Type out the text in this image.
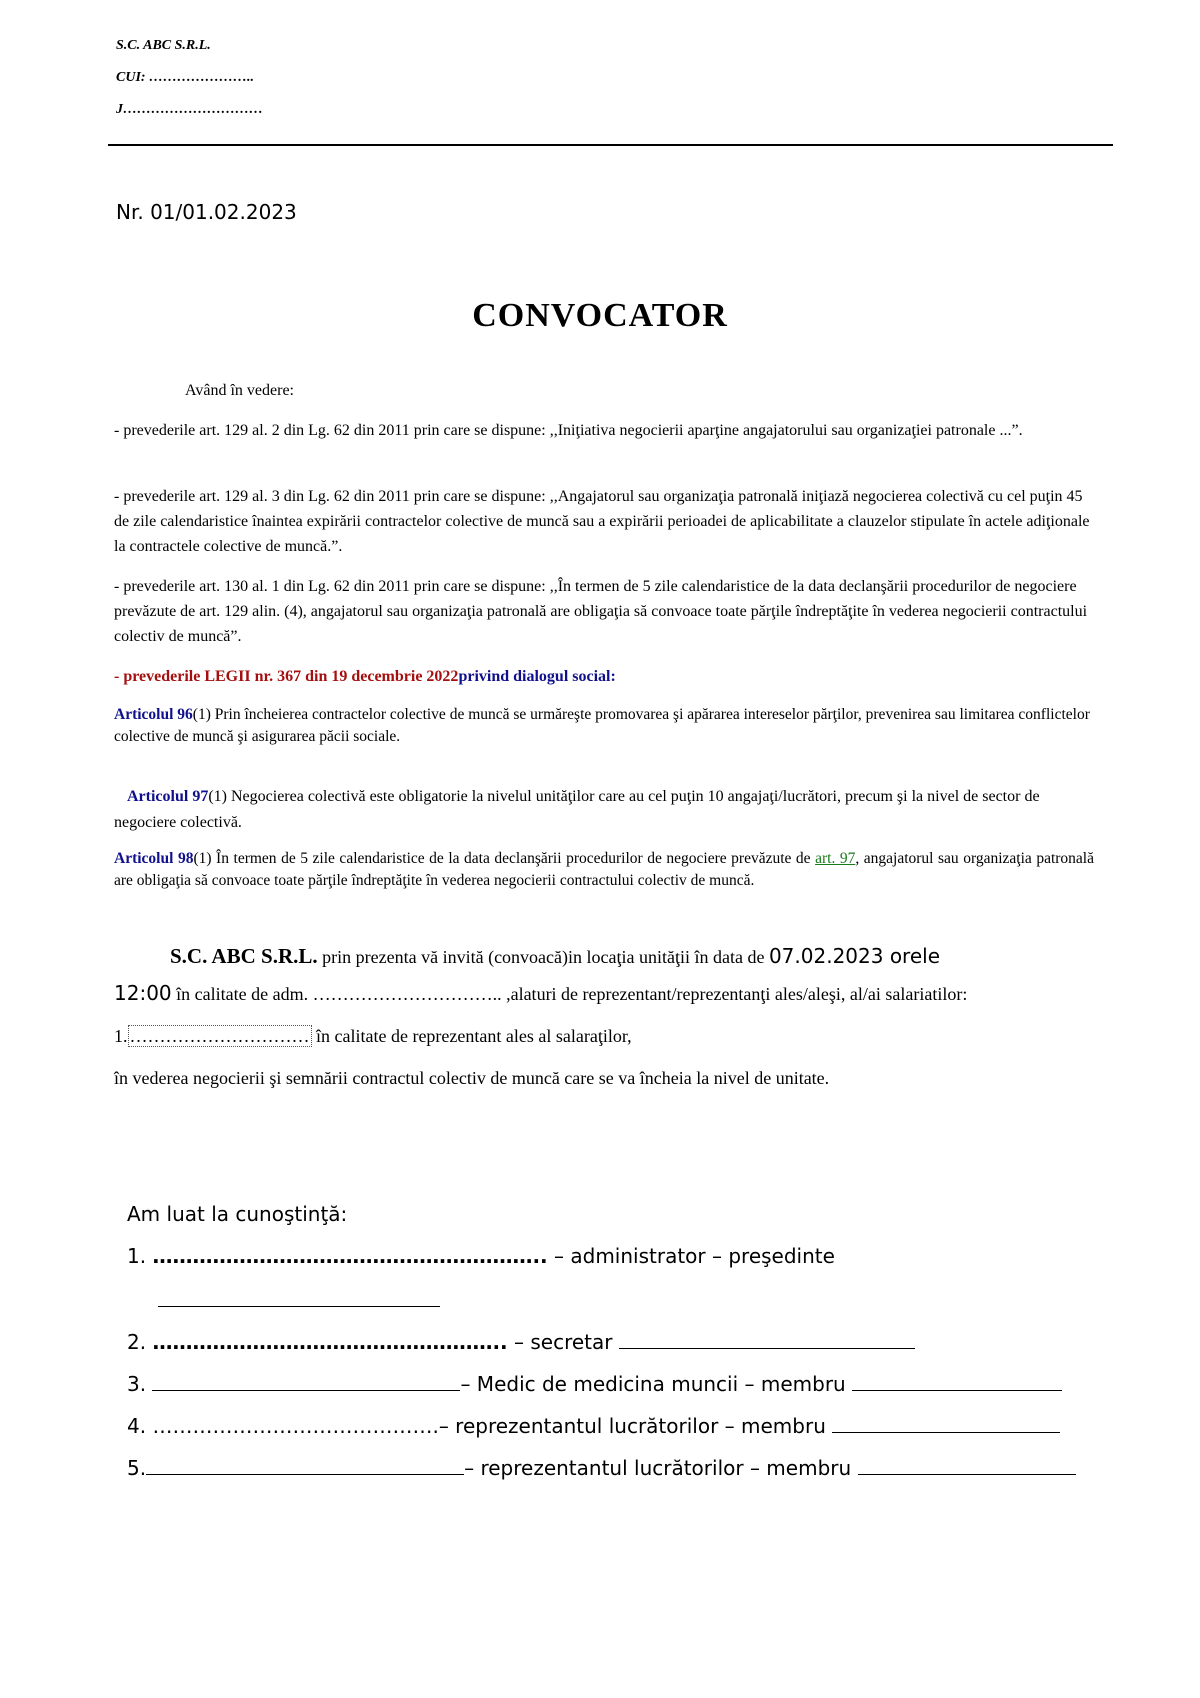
S.C. ABC S.R.L.

CUI: …………………..

J…………………………

Nr. 01/01.02.2023

CONVOCATOR

Având în vedere:

- prevederile art. 129 al. 2 din Lg. 62 din 2011 prin care se dispune: ,,Iniţiativa negocierii aparţine angajatorului sau organizaţiei patronale ...”.

- prevederile art. 129 al. 3 din Lg. 62 din 2011 prin care se dispune: ,,Angajatorul sau organizaţia patronală iniţiază negocierea colectivă cu cel puţin 45 de zile calendaristice înaintea expirării contractelor colective de muncă sau a expirării perioadei de aplicabilitate a clauzelor stipulate în actele adiţionale la contractele colective de muncă.”.

- prevederile art. 130 al. 1 din Lg. 62 din 2011 prin care se dispune: ,,În termen de 5 zile calendaristice de la data declanşării procedurilor de negociere prevăzute de art. 129 alin. (4), angajatorul sau organizaţia patronală are obligaţia să convoace toate părţile îndreptăţite în vederea negocierii contractului colectiv de muncă”.

- prevederile LEGII nr. 367 din 19 decembrie 2022privind dialogul social:

Articolul 96(1) Prin încheierea contractelor colective de muncă se urmăreşte promovarea şi apărarea intereselor părţilor, prevenirea sau limitarea conflictelor colective de muncă şi asigurarea păcii sociale.

Articolul 97(1) Negocierea colectivă este obligatorie la nivelul unităţilor care au cel puţin 10 angajaţi/lucrători, precum şi la nivel de sector de negociere colectivă.

Articolul 98(1) În termen de 5 zile calendaristice de la data declanşării procedurilor de negociere prevăzute de art. 97, angajatorul sau organizaţia patronală are obligaţia să convoace toate părţile îndreptăţite în vederea negocierii contractului colectiv de muncă.

S.C. ABC S.R.L. prin prezenta vă invită (convoacă)in locaţia unităţii în data de 07.02.2023 orele
12:00 în calitate de adm. ………………………….. ,alaturi de reprezentant/reprezentanţi ales/aleşi, al/ai salariatilor:
1. ………………………… în calitate de reprezentant ales al salaraţilor,
în vederea negocierii şi semnării contractul colectiv de muncă care se va încheia la nivel de unitate.

Am luat la cunoştinţă:

1. ………………………………………………….. – administrator – preşedinte

2. …………………………………………….. – secretar

3.	– Medic de medicina muncii – membru

4. …………………………………….– reprezentantul lucrătorilor – membru

5.	– reprezentantul lucrătorilor – membru
